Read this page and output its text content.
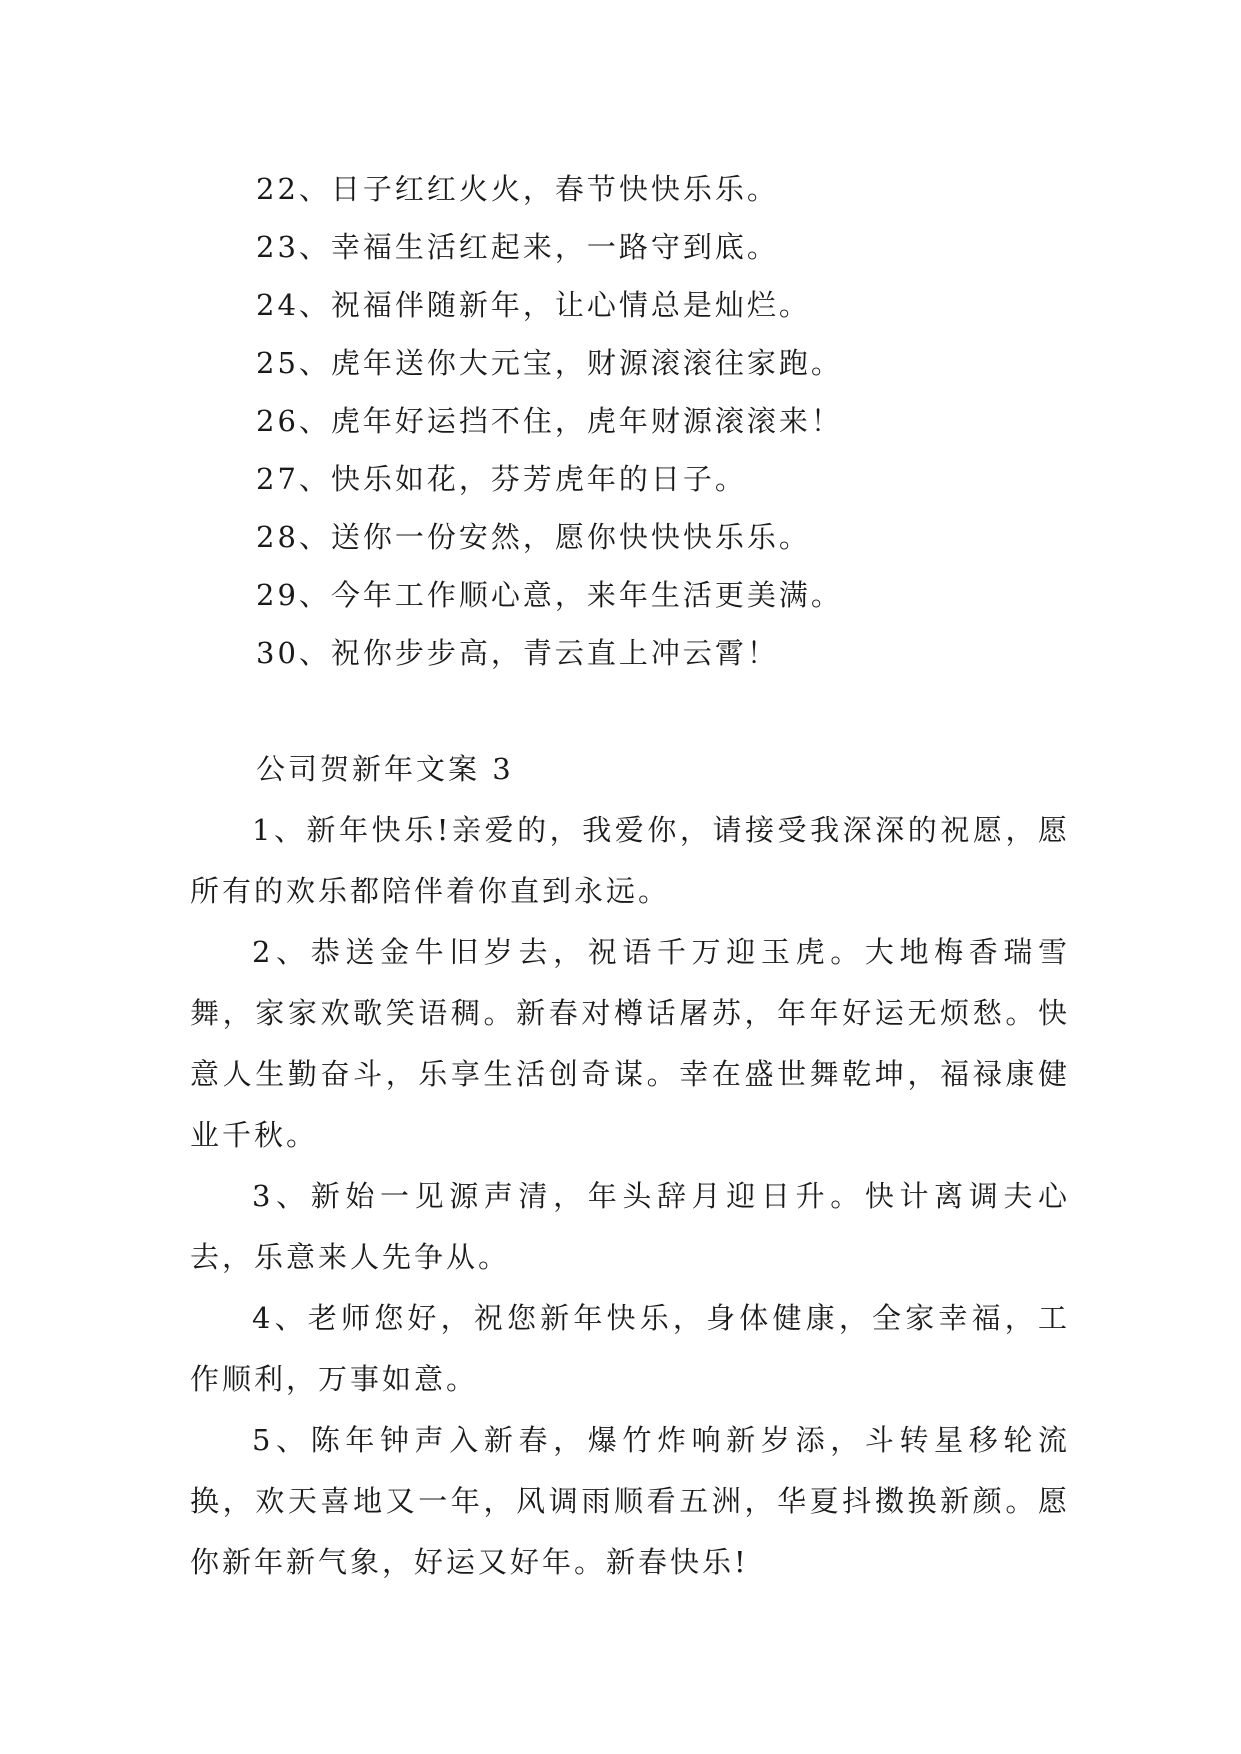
22、日子红红火火，春节快快乐乐。
23、幸福生活红起来，一路守到底。
24、祝福伴随新年，让心情总是灿烂。
25、虎年送你大元宝，财源滚滚往家跑。
26、虎年好运挡不住，虎年财源滚滚来！
27、快乐如花，芬芳虎年的日子。
28、送你一份安然，愿你快快快乐乐。
29、今年工作顺心意，来年生活更美满。
30、祝你步步高，青云直上冲云霄！
公司贺新年文案 3

1、新年快乐!亲爱的，我爱你，请接受我深深的祝愿，愿所有的欢乐都陪伴着你直到永远。

2、恭送金牛旧岁去，祝语千万迎玉虎。大地梅香瑞雪舞，家家欢歌笑语稠。新春对樽话屠苏，年年好运无烦愁。快意人生勤奋斗，乐享生活创奇谋。幸在盛世舞乾坤，福禄康健业千秋。

3、新始一见源声清，年头辞月迎日升。快计离调夫心去，乐意来人先争从。

4、老师您好，祝您新年快乐，身体健康，全家幸福，工作顺利，万事如意。

5、陈年钟声入新春，爆竹炸响新岁添，斗转星移轮流换，欢天喜地又一年，风调雨顺看五洲，华夏抖擞换新颜。愿你新年新气象，好运又好年。新春快乐!
